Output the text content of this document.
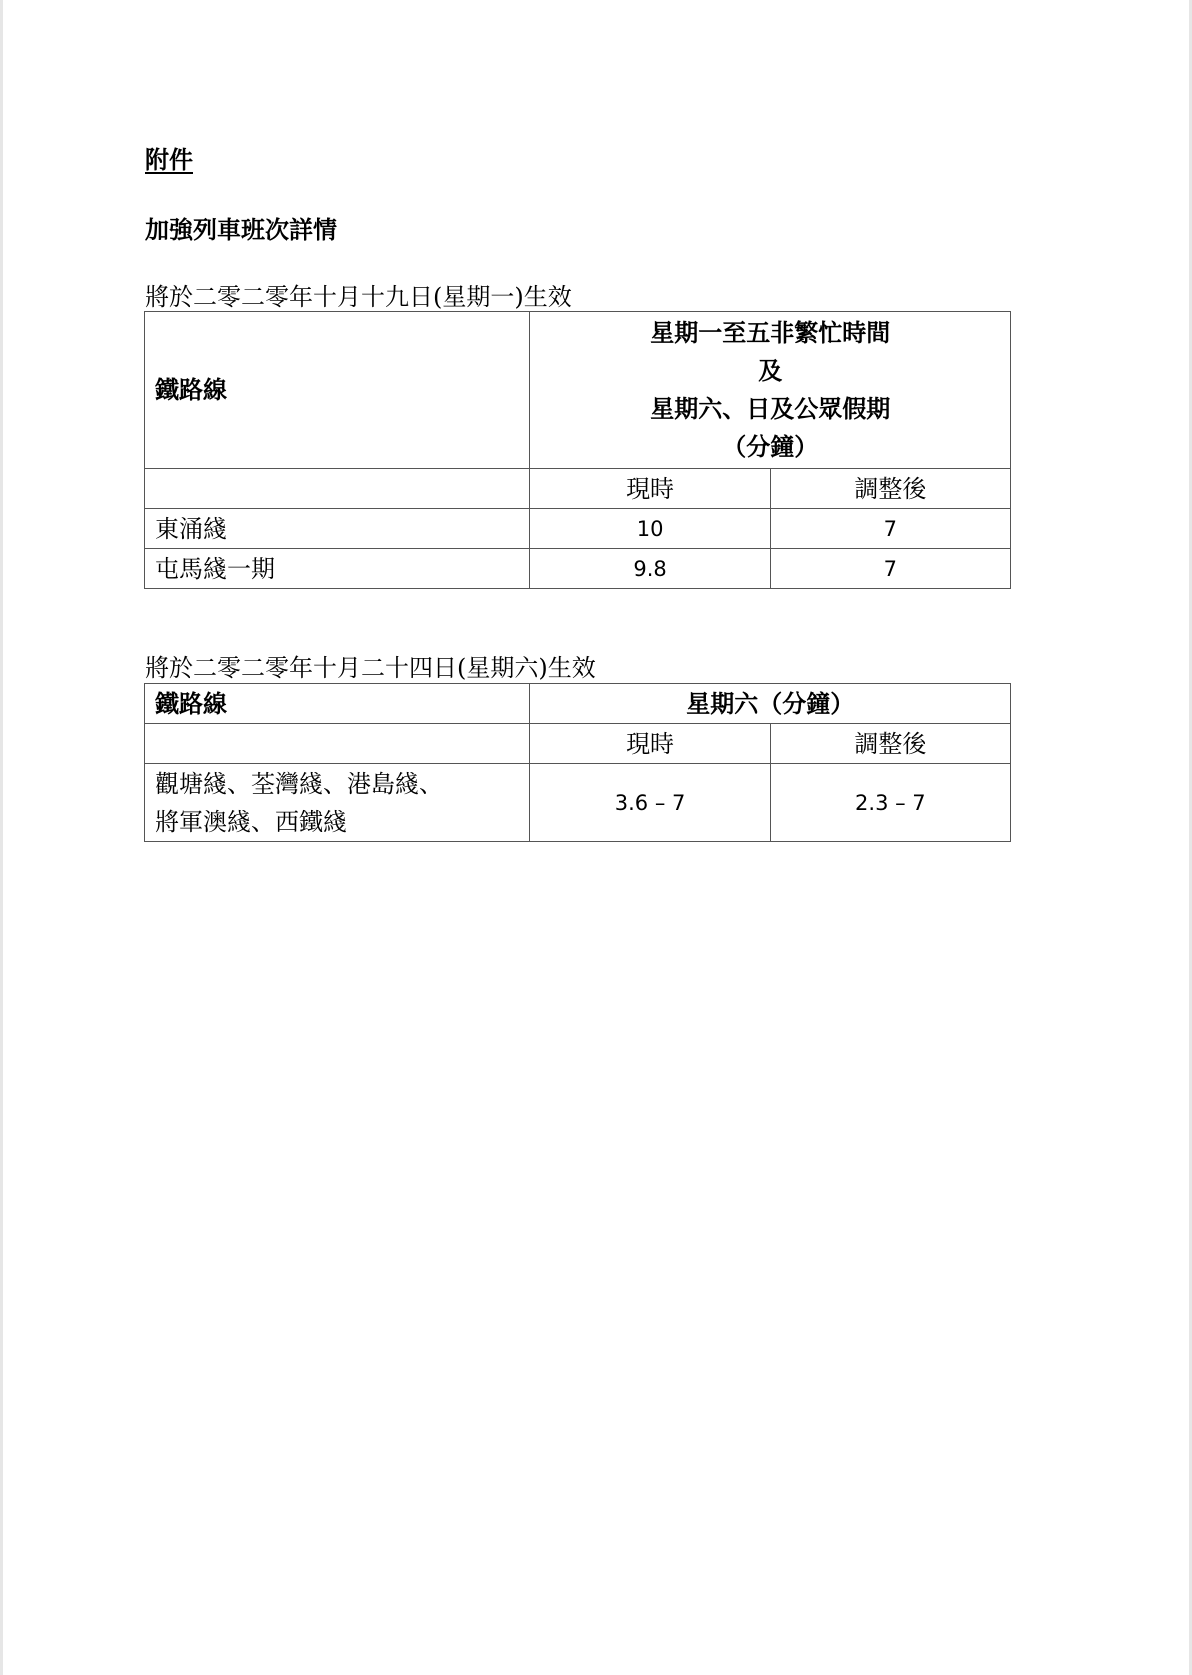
附件

加強列車班次詳情

將於二零二零年十月十九日(星期一)生效

鐵路線	星期一至五非繁忙時間
及
星期六、日及公眾假期
（分鐘）	

	現時	調整後
東涌綫	10	7
屯馬綫一期	9.8	7

將於二零二零年十月二十四日(星期六)生效

鐵路線	星期六（分鐘）	
	現時	調整後

觀塘綫、荃灣綫、港島綫、
將軍澳綫、西鐵綫	3.6 – 7	2.3 – 7
